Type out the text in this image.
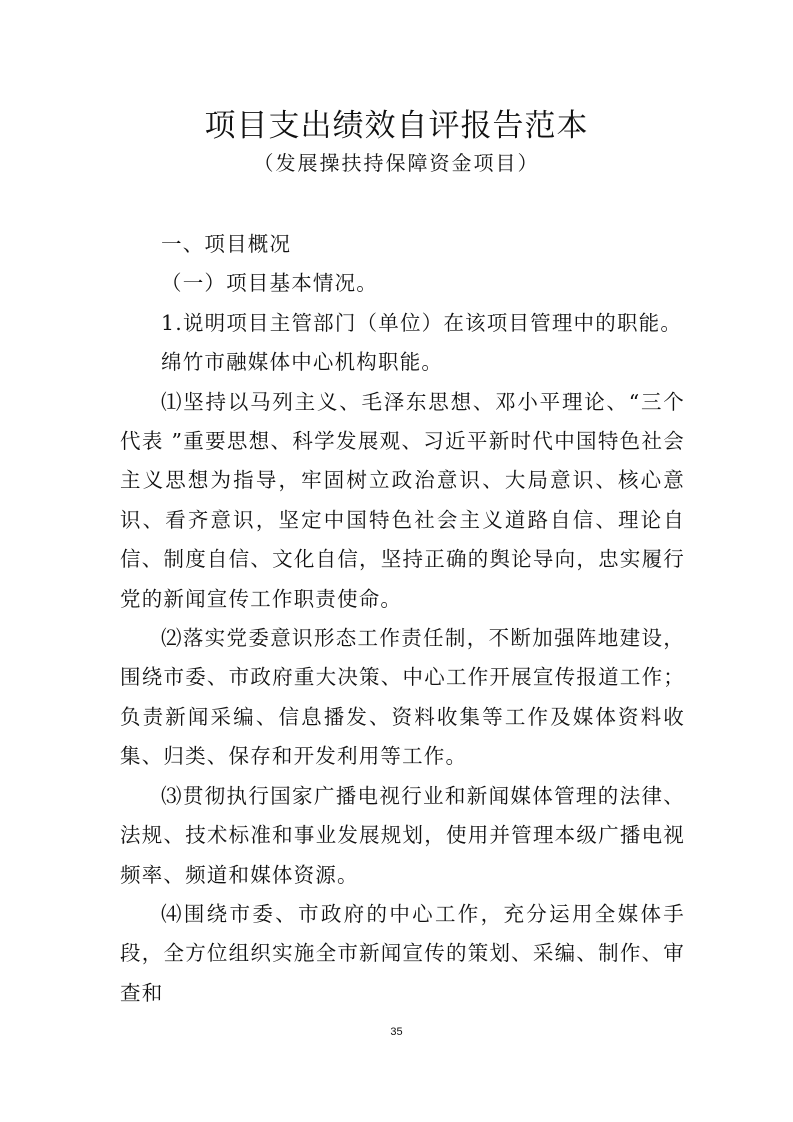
项目支出绩效自评报告范本
（发展操扶持保障资金项目）

一、项目概况

（一）项目基本情况。

1.说明项目主管部门（单位）在该项目管理中的职能。

绵竹市融媒体中心机构职能。

⑴坚持以马列主义、毛泽东思想、邓小平理论、“三个代表 ”重要思想、科学发展观、习近平新时代中国特色社会主义思想为指导，牢固树立政治意识、大局意识、核心意识、看齐意识，坚定中国特色社会主义道路自信、理论自信、制度自信、文化自信，坚持正确的舆论导向，忠实履行党的新闻宣传工作职责使命。

⑵落实党委意识形态工作责任制，不断加强阵地建设，围绕市委、市政府重大决策、中心工作开展宣传报道工作；负责新闻采编、信息播发、资料收集等工作及媒体资料收集、归类、保存和开发利用等工作。

⑶贯彻执行国家广播电视行业和新闻媒体管理的法律、法规、技术标准和事业发展规划，使用并管理本级广播电视频率、频道和媒体资源。

⑷围绕市委、市政府的中心工作，充分运用全媒体手段，全方位组织实施全市新闻宣传的策划、采编、制作、审查和

35
